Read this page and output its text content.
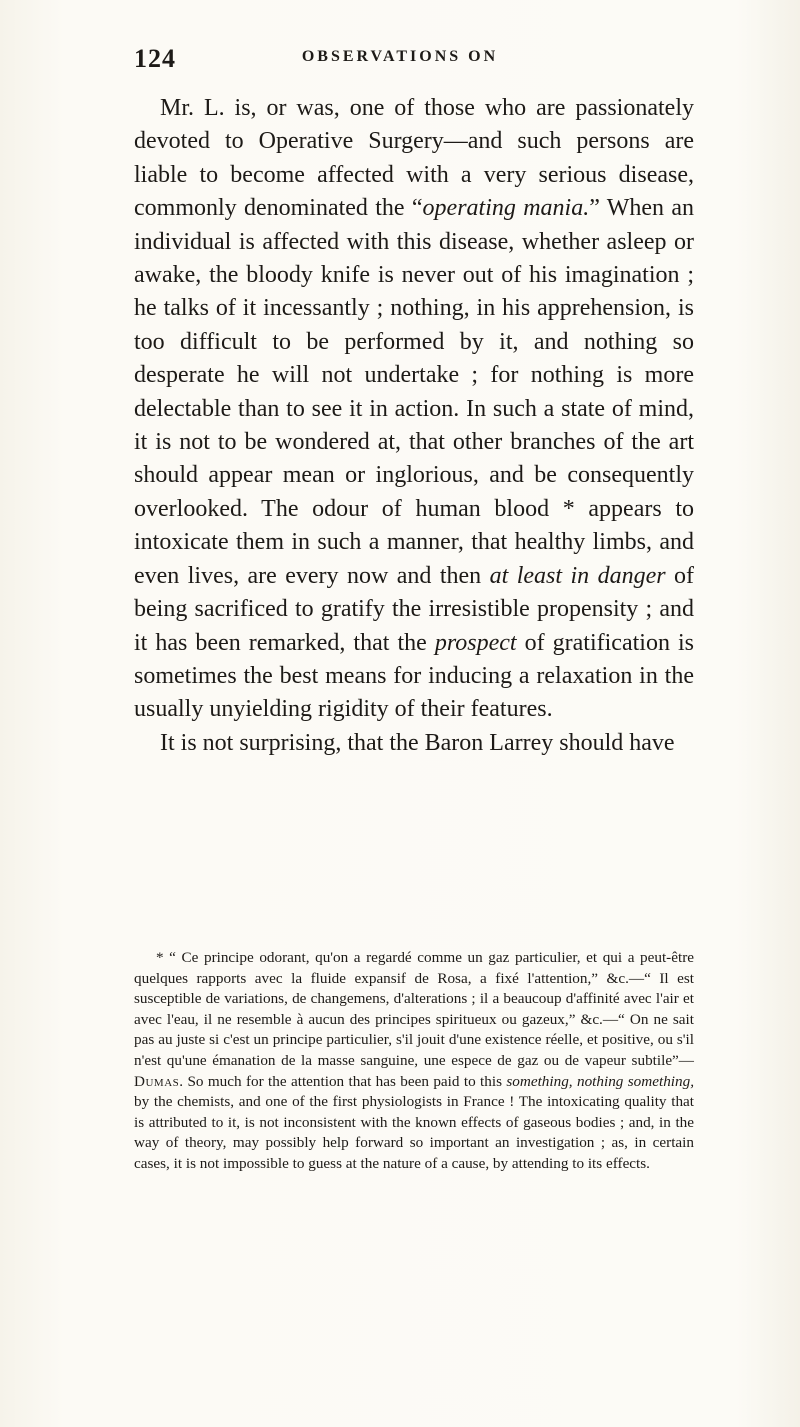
124	OBSERVATIONS ON

Mr. L. is, or was, one of those who are passionately devoted to Operative Surgery—and such persons are liable to become affected with a very serious disease, commonly denominated the “operating mania.” When an individual is affected with this disease, whether asleep or awake, the bloody knife is never out of his imagination ; he talks of it incessantly ; nothing, in his apprehension, is too difficult to be performed by it, and nothing so desperate he will not undertake ; for nothing is more delectable than to see it in action. In such a state of mind, it is not to be wondered at, that other branches of the art should appear mean or inglorious, and be consequently overlooked. The odour of human blood * appears to intoxicate them in such a manner, that healthy limbs, and even lives, are every now and then at least in danger of being sacrificed to gratify the irresistible propensity ; and it has been remarked, that the prospect of gratification is sometimes the best means for inducing a relaxation in the usually unyielding rigidity of their features.

It is not surprising, that the Baron Larrey should have

* “ Ce principe odorant, qu'on a regardé comme un gaz particulier, et qui a peut-être quelques rapports avec la fluide expansif de Rosa, a fixé l'attention,” &c.—“ Il est susceptible de variations, de changemens, d'alterations ; il a beaucoup d'affinité avec l'air et avec l'eau, il ne resemble à aucun des principes spiritueux ou gazeux,” &c.—“ On ne sait pas au juste si c'est un principe particulier, s'il jouit d'une existence réelle, et positive, ou s'il n'est qu'une émanation de la masse sanguine, une espece de gaz ou de vapeur subtile”—Dumas. So much for the attention that has been paid to this something, nothing something, by the chemists, and one of the first physiologists in France ! The intoxicating quality that is attributed to it, is not inconsistent with the known effects of gaseous bodies ; and, in the way of theory, may possibly help forward so important an investigation ; as, in certain cases, it is not impossible to guess at the nature of a cause, by attending to its effects.
